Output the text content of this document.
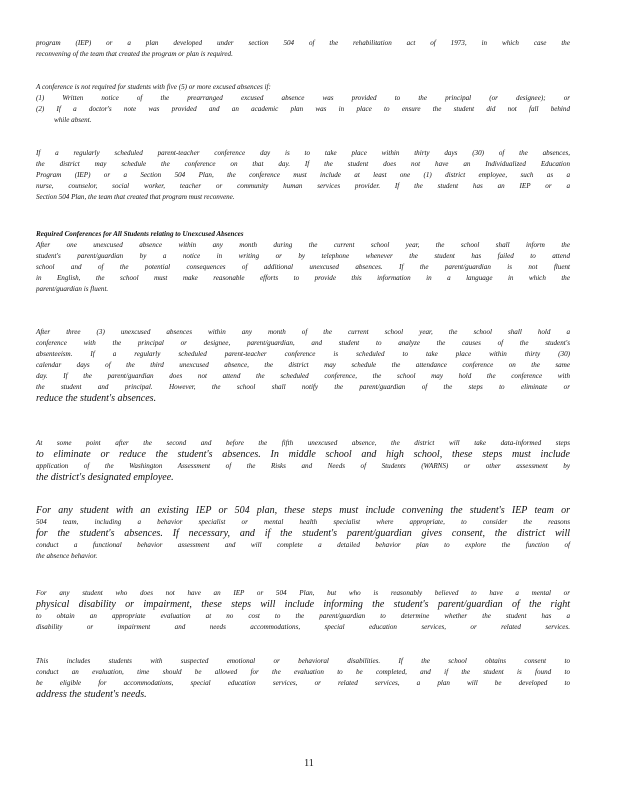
program (IEP) or a plan developed under section 504 of the rehabilitation act of 1973, in which case the
reconvening of the team that created the program or plan is required.
A conference is not required for students with five (5) or more excused absences if:
(1) Written notice of the prearranged excused absence was provided to the principal (or designee); or
(2) If a doctor's note was provided and an academic plan was in place to ensure the student did not fall behind
while absent.
If a regularly scheduled parent-teacher conference day is to take place within thirty days (30) of the absences,
the district may schedule the conference on that day. If the student does not have an Individualized Education
Program (IEP) or a Section 504 Plan, the conference must include at least one (1) district employee, such as a
nurse, counselor, social worker, teacher or community human services provider. If the student has an IEP or a
Section 504 Plan, the team that created that program must reconvene.
Required Conferences for All Students relating to Unexcused Absences
After one unexcused absence within any month during the current school year, the school shall inform the
student's parent/guardian by a notice in writing or by telephone whenever the student has failed to attend
school and of the potential consequences of additional unexcused absences. If the parent/guardian is not fluent
in English, the school must make reasonable efforts to provide this information in a language in which the
parent/guardian is fluent.
After three (3) unexcused absences within any month of the current school year, the school shall hold a
conference with the principal or designee, parent/guardian, and student to analyze the causes of the student's
absenteeism. If a regularly scheduled parent-teacher conference is scheduled to take place within thirty (30)
calendar days of the third unexcused absence, the district may schedule the attendance conference on the same
day. If the parent/guardian does not attend the scheduled conference, the school may hold the conference with
the student and principal. However, the school shall notify the parent/guardian of the steps to eliminate or
reduce the student's absences.
At some point after the second and before the fifth unexcused absence, the district will take data-informed steps
to eliminate or reduce the student's absences. In middle school and high school, these steps must include
application of the Washington Assessment of the Risks and Needs of Students (WARNS) or other assessment by
the district's designated employee.
For any student with an existing IEP or 504 plan, these steps must include convening the student's IEP team or
504 team, including a behavior specialist or mental health specialist where appropriate, to consider the reasons
for the student's absences. If necessary, and if the student's parent/guardian gives consent, the district will
conduct a functional behavior assessment and will complete a detailed behavior plan to explore the function of
the absence behavior.
For any student who does not have an IEP or 504 Plan, but who is reasonably believed to have a mental or
physical disability or impairment, these steps will include informing the student's parent/guardian of the right
to obtain an appropriate evaluation at no cost to the parent/guardian to determine whether the student has a
disability or impairment and needs accommodations, special education services, or related services.
This includes students with suspected emotional or behavioral disabilities. If the school obtains consent to
conduct an evaluation, time should be allowed for the evaluation to be completed, and if the student is found to
be eligible for accommodations, special education services, or related services, a plan will be developed to
address the student's needs.
11
